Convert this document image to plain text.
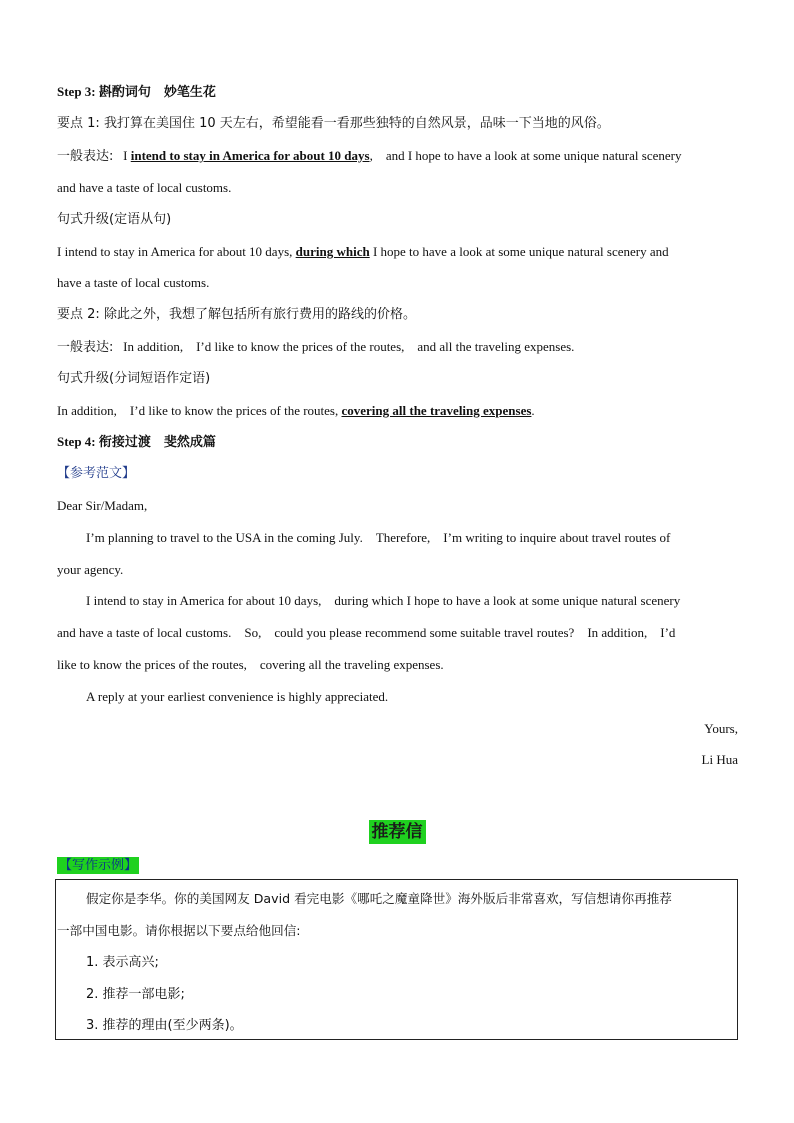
Step 3: 斟酌词句　妙笔生花
要点 1: 我打算在美国住 10 天左右，希望能看一看那些独特的自然风景，品味一下当地的风俗。
一般表达: I intend to stay in America for about 10 days,　and I hope to have a look at some unique natural scenery
and have a taste of local customs.
句式升级(定语从句)
I intend to stay in America for about 10 days, during which I hope to have a look at some unique natural scenery and
have a taste of local customs.
要点 2: 除此之外，我想了解包括所有旅行费用的路线的价格。
一般表达: In addition,　I’d like to know the prices of the routes,　and all the traveling expenses.
句式升级(分词短语作定语)
In addition,　I’d like to know the prices of the routes, covering all the traveling expenses.
Step 4: 衔接过渡　斐然成篇
【参考范文】
Dear Sir/Madam,
I’m planning to travel to the USA in the coming July.　Therefore,　I’m writing to inquire about travel routes of
your agency.
I intend to stay in America for about 10 days,　during which I hope to have a look at some unique natural scenery
and have a taste of local customs.　So,　could you please recommend some suitable travel routes?　In addition,　I’d
like to know the prices of the routes,　covering all the traveling expenses.
A reply at your earliest convenience is highly appreciated.
Yours,
Li Hua
推荐信
【写作示例】
假定你是李华。你的美国网友 David 看完电影《哪吒之魔童降世》海外版后非常喜欢，写信想请你再推荐
一部中国电影。请你根据以下要点给他回信:
1. 表示高兴;
2. 推荐一部电影;
3. 推荐的理由(至少两条)。
